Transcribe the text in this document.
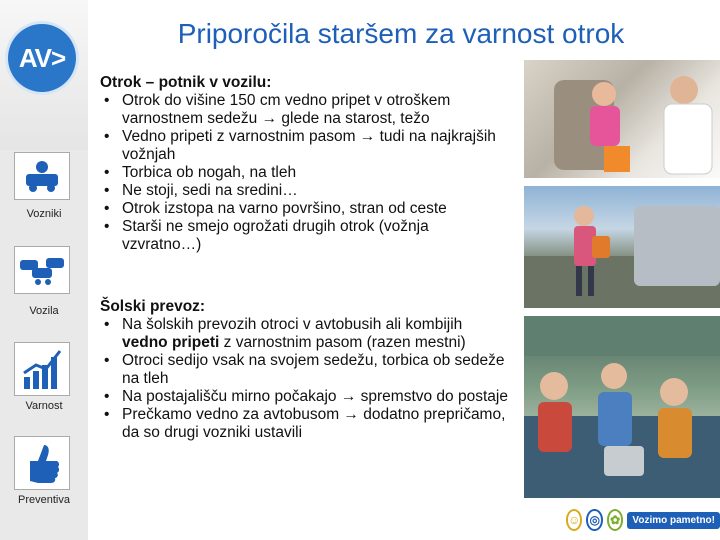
AV>
Vozniki
Vozila
Varnost
Preventiva
Priporočila staršem za varnost otrok
Otrok – potnik v vozilu:
• Otrok do višine 150 cm vedno pripet v otroškem varnostnem sedežu → glede na starost, težo
• Vedno pripeti z varnostnim pasom → tudi na najkrajših vožnjah
• Torbica ob nogah, na tleh
• Ne stoji, sedi na sredini…
• Otrok izstopa na varno površino, stran od ceste
• Starši ne smejo ogrožati drugih otrok (vožnja vzvratno…)
Šolski prevoz:
• Na šolskih prevozih otroci v avtobusih ali kombijih vedno pripeti z varnostnim pasom (razen mestni)
• Otroci sedijo vsak na svojem sedežu, torbica ob sedeže na tleh
• Na postajališču mirno počakajo → spremstvo do postaje
• Prečkamo vedno za avtobusom → dodatno prepričamo, da so drugi vozniki ustavili
☺ ◎ ✿	Vozimo pametno!
